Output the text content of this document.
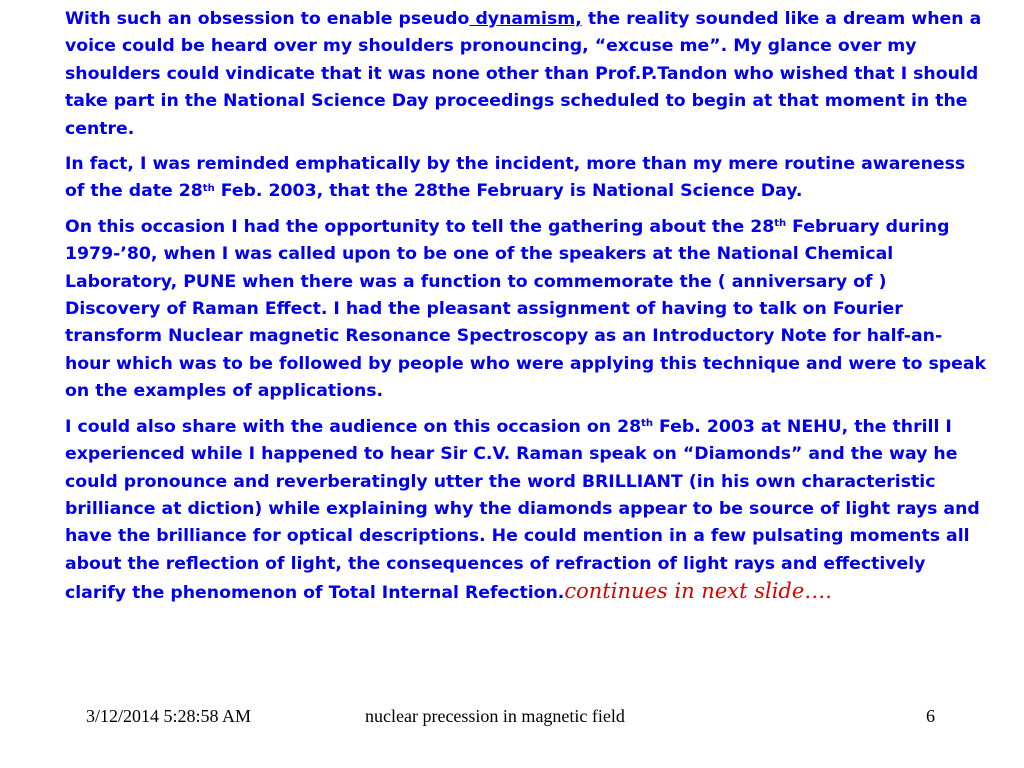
With such an obsession to enable pseudo dynamism, the reality sounded like a dream when a voice could be heard over my shoulders pronouncing, “excuse me”. My glance over my shoulders could vindicate that it was none other than Prof.P.Tandon who wished that I should take part in the National Science Day proceedings scheduled to begin at that moment in the centre.

In fact, I was reminded emphatically by the incident, more than my mere routine awareness of the date 28th Feb. 2003, that the 28the February is National Science Day.

On this occasion I had the opportunity to tell the gathering about the 28th February during 1979-’80, when I was called upon to be one of the speakers at the National Chemical Laboratory, PUNE when there was a function to commemorate the ( anniversary of ) Discovery of Raman Effect. I had the pleasant assignment of having to talk on Fourier transform Nuclear magnetic Resonance Spectroscopy as an Introductory Note for half-an-hour which was to be followed by people who were applying this technique and were to speak on the examples of applications.

I could also share with the audience on this occasion on 28th Feb. 2003 at NEHU, the thrill I experienced while I happened to hear Sir C.V. Raman speak on “Diamonds” and the way he could pronounce and reverberatingly utter the word BRILLIANT (in his own characteristic brilliance at diction) while explaining why the diamonds appear to be source of light rays and have the brilliance for optical descriptions. He could mention in a few pulsating moments all about the reflection of light, the consequences of refraction of light rays and effectively clarify the phenomenon of Total Internal Refection.continues in next slide….

3/12/2014 5:28:58 AM	nuclear precession in magnetic field	6
